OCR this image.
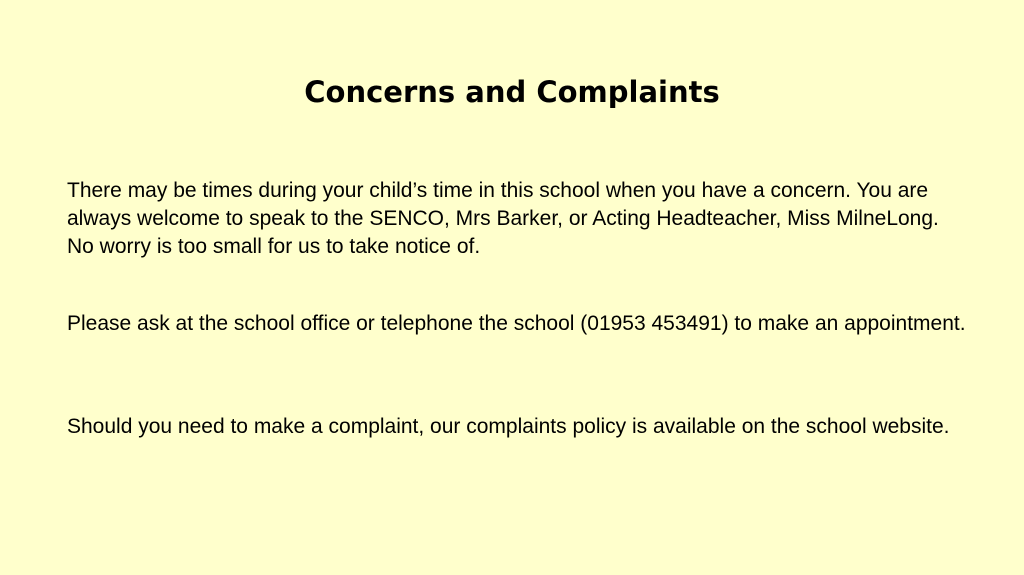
Concerns and Complaints

There may be times during your child’s time in this school when you have a concern. You are always welcome to speak to the SENCO, Mrs Barker, or Acting Headteacher, Miss MilneLong. No worry is too small for us to take notice of.

Please ask at the school office or telephone the school (01953 453491) to make an appointment.

Should you need to make a complaint, our complaints policy is available on the school website.
